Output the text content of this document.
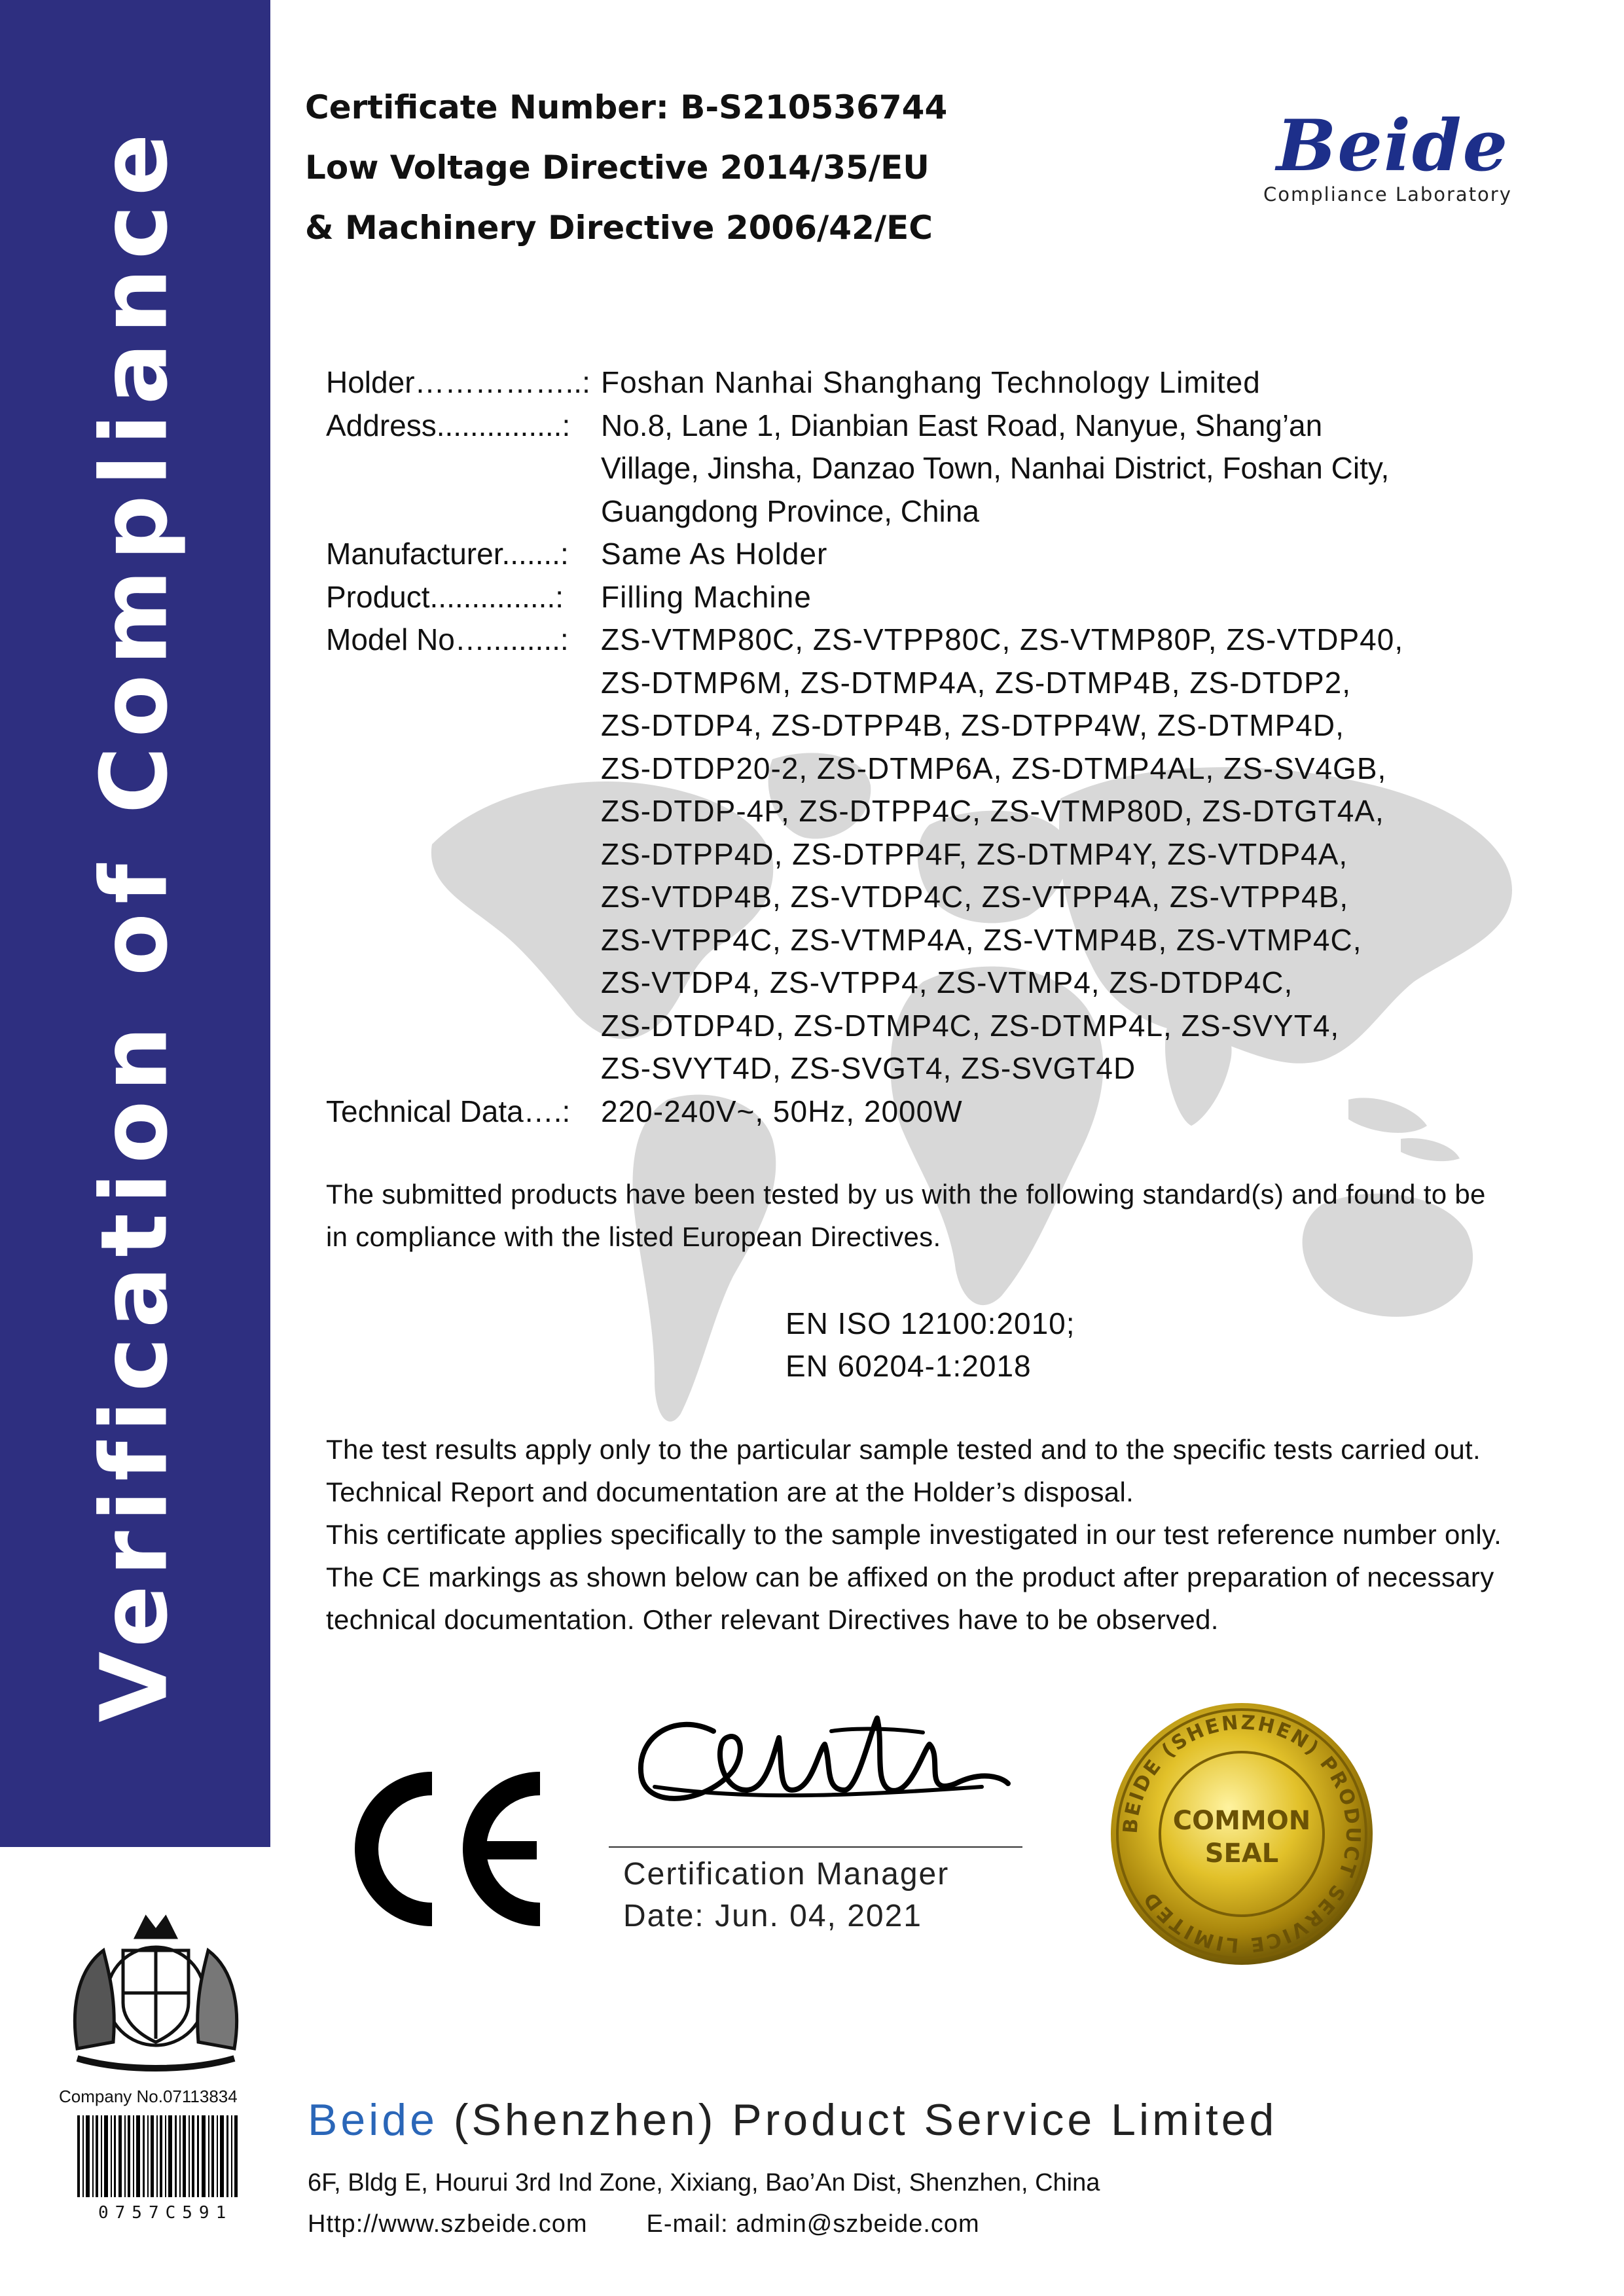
Verification of Compliance
Certificate Number: B-S210536744
Low Voltage Directive 2014/35/EU
& Machinery Directive 2006/42/EC
Beide
Compliance Laboratory
Holder……………..: Foshan Nanhai Shanghang Technology Limited
Address...............:	No.8, Lane 1, Dianbian East Road, Nanyue, Shang’an
Village, Jinsha, Danzao Town, Nanhai District, Foshan City,
Guangdong Province, China
Manufacturer.......:	Same As Holder
Product...............:	Filling Machine
Model No….........:	ZS-VTMP80C, ZS-VTPP80C, ZS-VTMP80P, ZS-VTDP40,
ZS-DTMP6M, ZS-DTMP4A, ZS-DTMP4B, ZS-DTDP2,
ZS-DTDP4, ZS-DTPP4B, ZS-DTPP4W, ZS-DTMP4D,
ZS-DTDP20-2, ZS-DTMP6A, ZS-DTMP4AL, ZS-SV4GB,
ZS-DTDP-4P, ZS-DTPP4C, ZS-VTMP80D, ZS-DTGT4A,
ZS-DTPP4D, ZS-DTPP4F, ZS-DTMP4Y, ZS-VTDP4A,
ZS-VTDP4B, ZS-VTDP4C, ZS-VTPP4A, ZS-VTPP4B,
ZS-VTPP4C, ZS-VTMP4A, ZS-VTMP4B, ZS-VTMP4C,
ZS-VTDP4, ZS-VTPP4, ZS-VTMP4, ZS-DTDP4C,
ZS-DTDP4D, ZS-DTMP4C, ZS-DTMP4L, ZS-SVYT4,
ZS-SVYT4D, ZS-SVGT4, ZS-SVGT4D
Technical Data….:	220-240V~, 50Hz, 2000W
The submitted products have been tested by us with the following standard(s) and found to be
in compliance with the listed European Directives.
EN ISO 12100:2010;
EN 60204-1:2018
The test results apply only to the particular sample tested and to the specific tests carried out.
Technical Report and documentation are at the Holder’s disposal.
This certificate applies specifically to the sample investigated in our test reference number only.
The CE markings as shown below can be affixed on the product after preparation of necessary
technical documentation. Other relevant Directives have to be observed.
Certification Manager
Date: Jun. 04, 2021
BEIDE (SHENZHEN) PRODUCT SERVICE LIMITED
COMMON
SEAL
Company No.07113834
0757C591
Beide (Shenzhen) Product Service Limited
6F, Bldg E, Hourui 3rd Ind Zone, Xixiang, Bao’An Dist, Shenzhen, China
Http://www.szbeide.com E-mail: admin@szbeide.com
